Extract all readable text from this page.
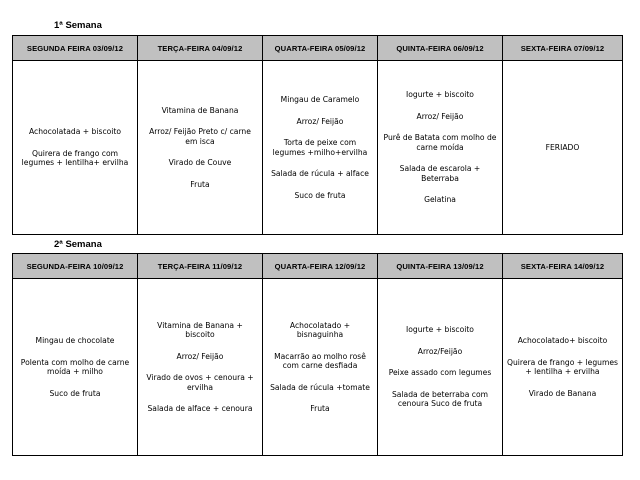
1ª Semana
SEGUNDA FEIRA 03/09/12	TERÇA-FEIRA 04/09/12	QUARTA-FEIRA 05/09/12	QUINTA-FEIRA 06/09/12	SEXTA-FEIRA 07/09/12

Achocolatada + biscoito
Quirera de frango com legumes + lentilha+ ervilha	Vitamina de Banana
Arroz/ Feijão Preto c/ carne em isca
Virado de Couve
Fruta	Mingau de Caramelo
Arroz/ Feijão
Torta de peixe com legumes +milho+ervilha
Salada de rúcula + alface
Suco de fruta	Iogurte + biscoito
Arroz/ Feijão
Purê de Batata com molho de carne moída
Salada de escarola + Beterraba
Gelatina	FERIADO
2ª Semana
SEGUNDA-FEIRA 10/09/12	TERÇA-FEIRA 11/09/12	QUARTA-FEIRA 12/09/12	QUINTA-FEIRA 13/09/12	SEXTA-FEIRA 14/09/12

Mingau de chocolate
Polenta com molho de carne moída + milho
Suco de fruta	Vitamina de Banana + biscoito
Arroz/ Feijão
Virado de ovos + cenoura + ervilha
Salada de alface + cenoura	Achocolatado + bisnaguinha
Macarrão ao molho rosê com carne desfiada
Salada de rúcula +tomate
Fruta	Iogurte + biscoito
Arroz/Feijão
Peixe assado com legumes
Salada de beterraba com cenoura Suco de fruta	Achocolatado+ biscoito
Quirera de frango + legumes + lentilha + ervilha
Virado de Banana
